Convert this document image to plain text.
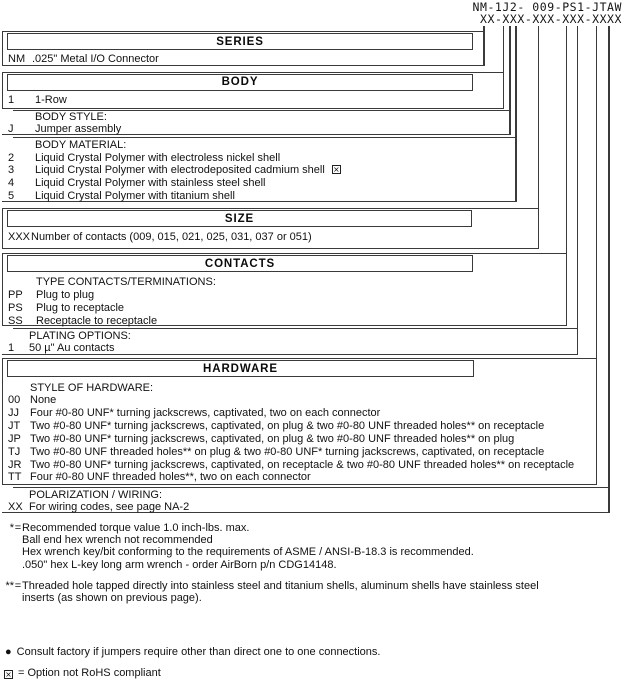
NM-1J2- 009-PS1-JTAW
XX-XXX-XXX-XXX-XXXX
SERIES
NM .025" Metal I/O Connector
BODY
1	1-Row
BODY STYLE:
J	Jumper assembly
BODY MATERIAL:
2	Liquid Crystal Polymer with electroless nickel shell
3	Liquid Crystal Polymer with electrodeposited cadmium shell ×
4	Liquid Crystal Polymer with stainless steel shell
5	Liquid Crystal Polymer with titanium shell
SIZE
XXX Number of contacts (009, 015, 021, 025, 031, 037 or 051)
CONTACTS
TYPE CONTACTS/TERMINATIONS:
PP	Plug to plug
PS	Plug to receptacle
SS	Receptacle to receptacle
PLATING OPTIONS:
1	50 µ" Au contacts
HARDWARE
STYLE OF HARDWARE:
00 None
JJ	Four #0-80 UNF* turning jackscrews, captivated, two on each connector
JT Two #0-80 UNF* turning jackscrews, captivated, on plug & two #0-80 UNF threaded holes** on receptacle
JP Two #0-80 UNF* turning jackscrews, captivated, on plug & two #0-80 UNF threaded holes** on plug
TJ Two #0-80 UNF threaded holes** on plug & two #0-80 UNF* turning jackscrews, captivated, on receptacle
JR Two #0-80 UNF* turning jackscrews, captivated, on receptacle & two #0-80 UNF threaded holes** on receptacle
TT Four #0-80 UNF threaded holes**, two on each connector
POLARIZATION / WIRING:
XX For wiring codes, see page NA-2
* = Recommended torque value 1.0 inch-lbs. max.
Ball end hex wrench not recommended
Hex wrench key/bit conforming to the requirements of ASME / ANSI-B-18.3 is recommended.
.050" hex L-key long arm wrench - order AirBorn p/n CDG14148.
** = Threaded hole tapped directly into stainless steel and titanium shells, aluminum shells have stainless steel
inserts (as shown on previous page).
● Consult factory if jumpers require other than direct one to one connections.
× = Option not RoHS compliant
